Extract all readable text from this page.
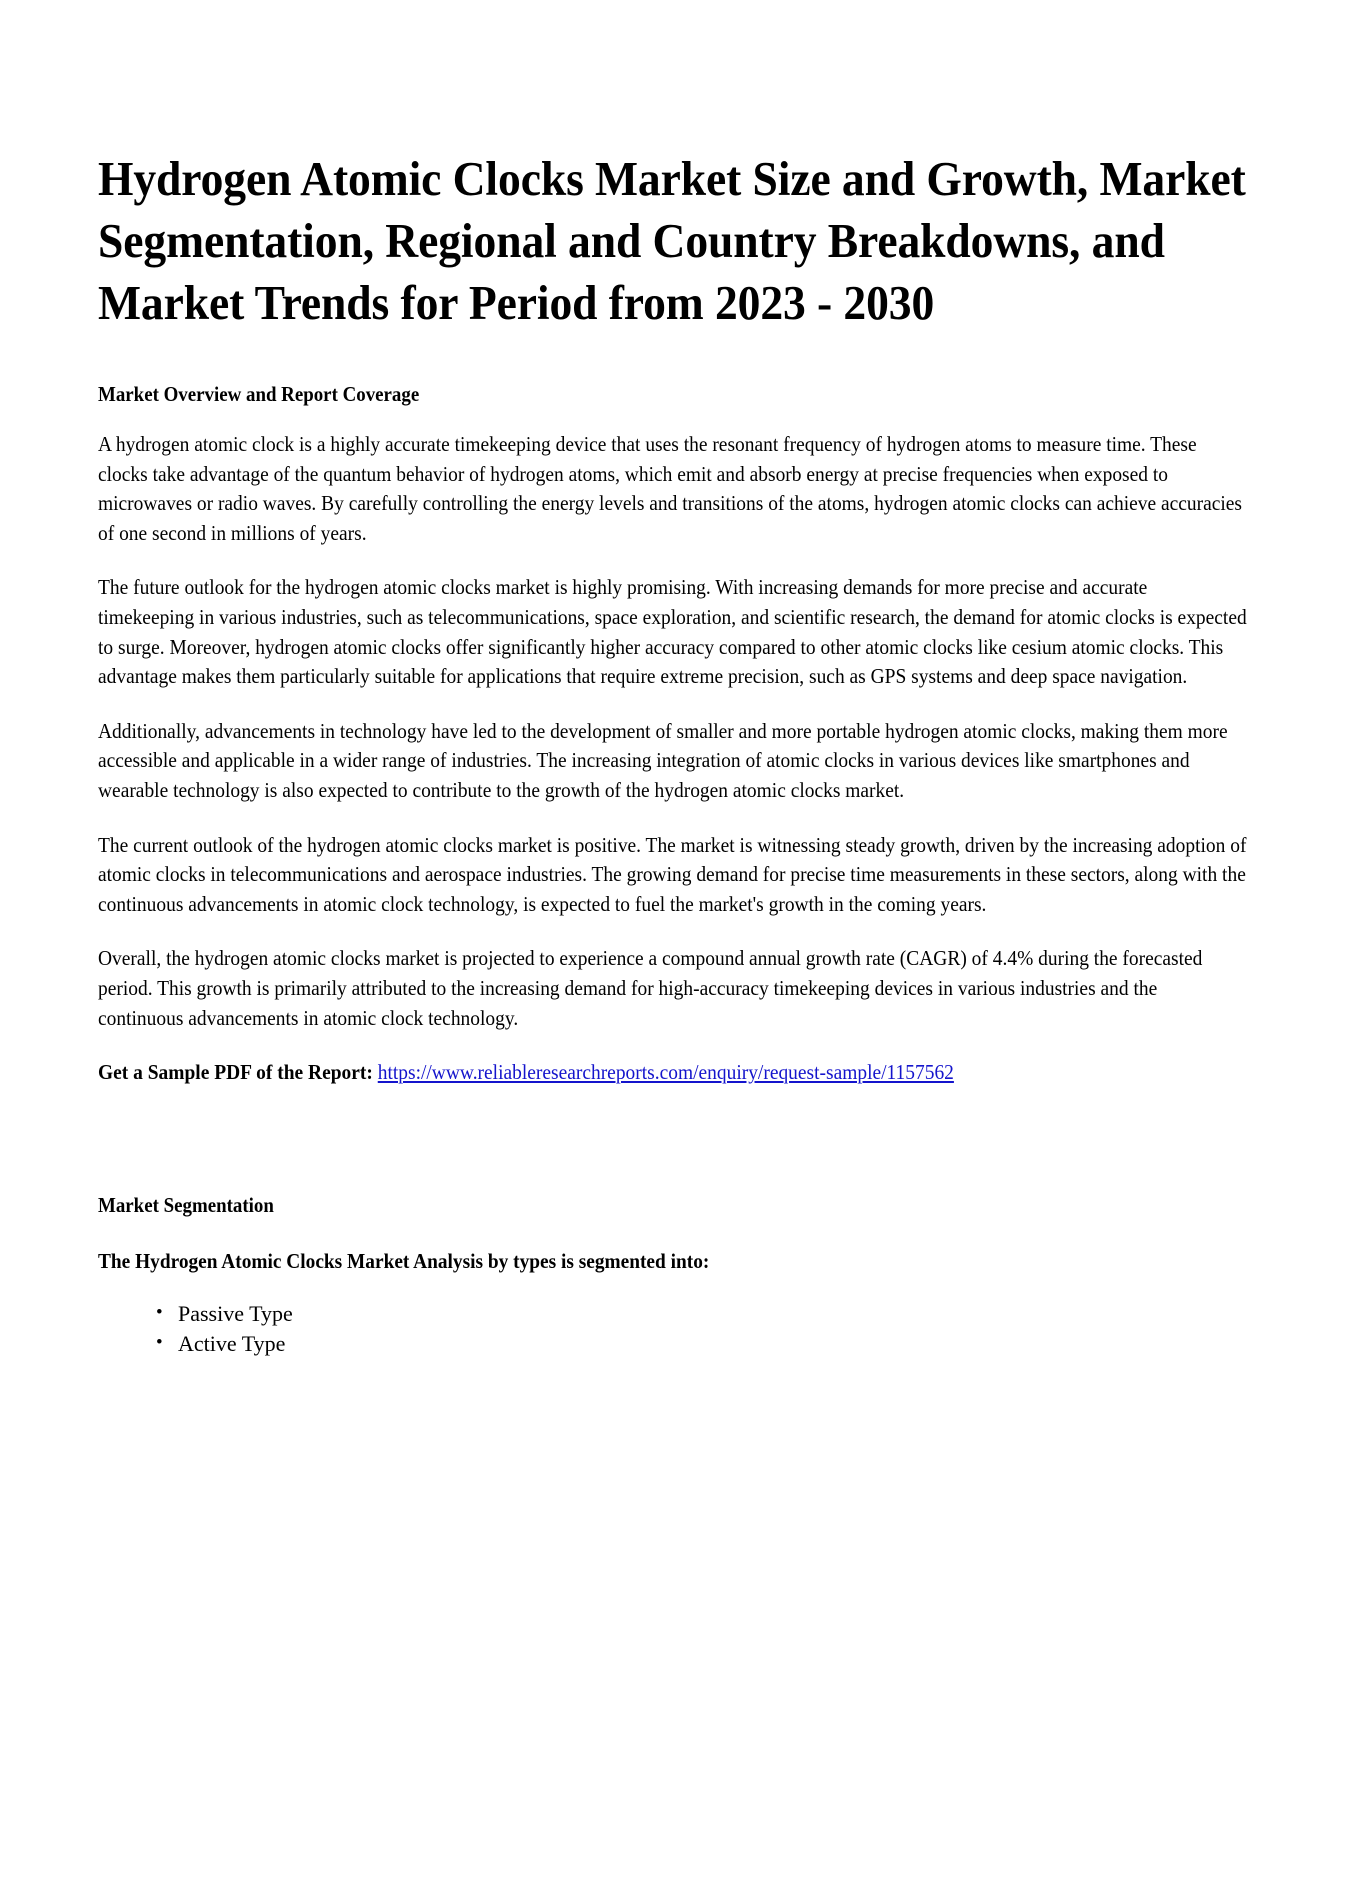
Hydrogen Atomic Clocks Market Size and Growth, Market Segmentation, Regional and Country Breakdowns, and Market Trends for Period from 2023 - 2030
Market Overview and Report Coverage

A hydrogen atomic clock is a highly accurate timekeeping device that uses the resonant frequency of hydrogen atoms to measure time. These clocks take advantage of the quantum behavior of hydrogen atoms, which emit and absorb energy at precise frequencies when exposed to microwaves or radio waves. By carefully controlling the energy levels and transitions of the atoms, hydrogen atomic clocks can achieve accuracies of one second in millions of years.

The future outlook for the hydrogen atomic clocks market is highly promising. With increasing demands for more precise and accurate timekeeping in various industries, such as telecommunications, space exploration, and scientific research, the demand for atomic clocks is expected to surge. Moreover, hydrogen atomic clocks offer significantly higher accuracy compared to other atomic clocks like cesium atomic clocks. This advantage makes them particularly suitable for applications that require extreme precision, such as GPS systems and deep space navigation.

Additionally, advancements in technology have led to the development of smaller and more portable hydrogen atomic clocks, making them more accessible and applicable in a wider range of industries. The increasing integration of atomic clocks in various devices like smartphones and wearable technology is also expected to contribute to the growth of the hydrogen atomic clocks market.

The current outlook of the hydrogen atomic clocks market is positive. The market is witnessing steady growth, driven by the increasing adoption of atomic clocks in telecommunications and aerospace industries. The growing demand for precise time measurements in these sectors, along with the continuous advancements in atomic clock technology, is expected to fuel the market's growth in the coming years.

Overall, the hydrogen atomic clocks market is projected to experience a compound annual growth rate (CAGR) of 4.4% during the forecasted period. This growth is primarily attributed to the increasing demand for high-accuracy timekeeping devices in various industries and the continuous advancements in atomic clock technology.

Get a Sample PDF of the Report: https://www.reliableresearchreports.com/enquiry/request-sample/1157562

Market Segmentation
The Hydrogen Atomic Clocks Market Analysis by types is segmented into:
• Passive Type
• Active Type
